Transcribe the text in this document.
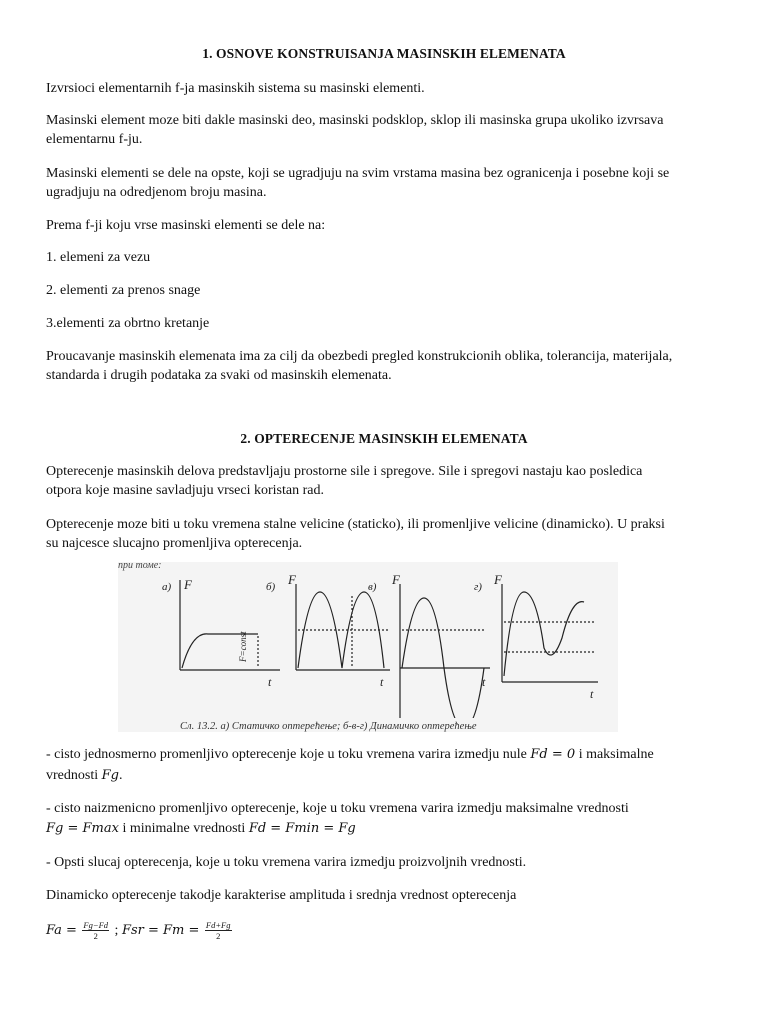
1. OSNOVE KONSTRUISANJA MASINSKIH ELEMENATA
Izvrsioci elementarnih f-ja masinskih sistema su masinski elementi.
Masinski element moze biti dakle masinski deo, masinski podsklop, sklop ili masinska grupa ukoliko izvrsava
elementarnu f-ju.
Masinski elementi se dele na opste, koji se ugradjuju na svim vrstama masina bez ogranicenja i posebne koji se
ugradjuju na odredjenom broju masina.
Prema f-ji koju vrse masinski elementi se dele na:
1. elemeni za vezu
2. elementi za prenos snage
3.elementi za obrtno kretanje
Proucavanje masinskih elemenata ima za cilj da obezbedi pregled konstrukcionih oblika, tolerancija, materijala,
standarda i drugih podataka za svaki od masinskih elemenata.
2. OPTERECENJE MASINSKIH ELEMENATA
Opterecenje masinskih delova predstavljaju prostorne sile i spregove. Sile i spregovi nastaju kao posledica
otpora koje masine savladjuju vrseci koristan rad.
Opterecenje moze biti u toku vremena stalne velicine (staticko), ili promenljive velicine (dinamicko). U praksi
su najcesce slucajno promenljiva opterecenja.
при томе:
a) F
t
F=const
б) F
t
в) F
t
г) F
t
Сл. 13.2. а) Статичко оптерећење; б-в-г) Динамичко оптерећење
- cisto jednosmerno promenljivo opterecenje koje u toku vremena varira izmedju nule Fd = 0 i maksimalne
vrednosti Fg.
- cisto naizmenicno promenljivo opterecenje, koje u toku vremena varira izmedju maksimalne vrednosti
Fg = Fmax i minimalne vrednosti Fd = Fmin = Fg
- Opsti slucaj opterecenja, koje u toku vremena varira izmedju proizvoljnih vrednosti.
Dinamicko opterecenje takodje karakterise amplituda i srednja vrednost opterecenja
$Fa = \frac{Fg-Fd}{2}$ ; Fsr = $Fm = \frac{Fd+Fg}{2}$
